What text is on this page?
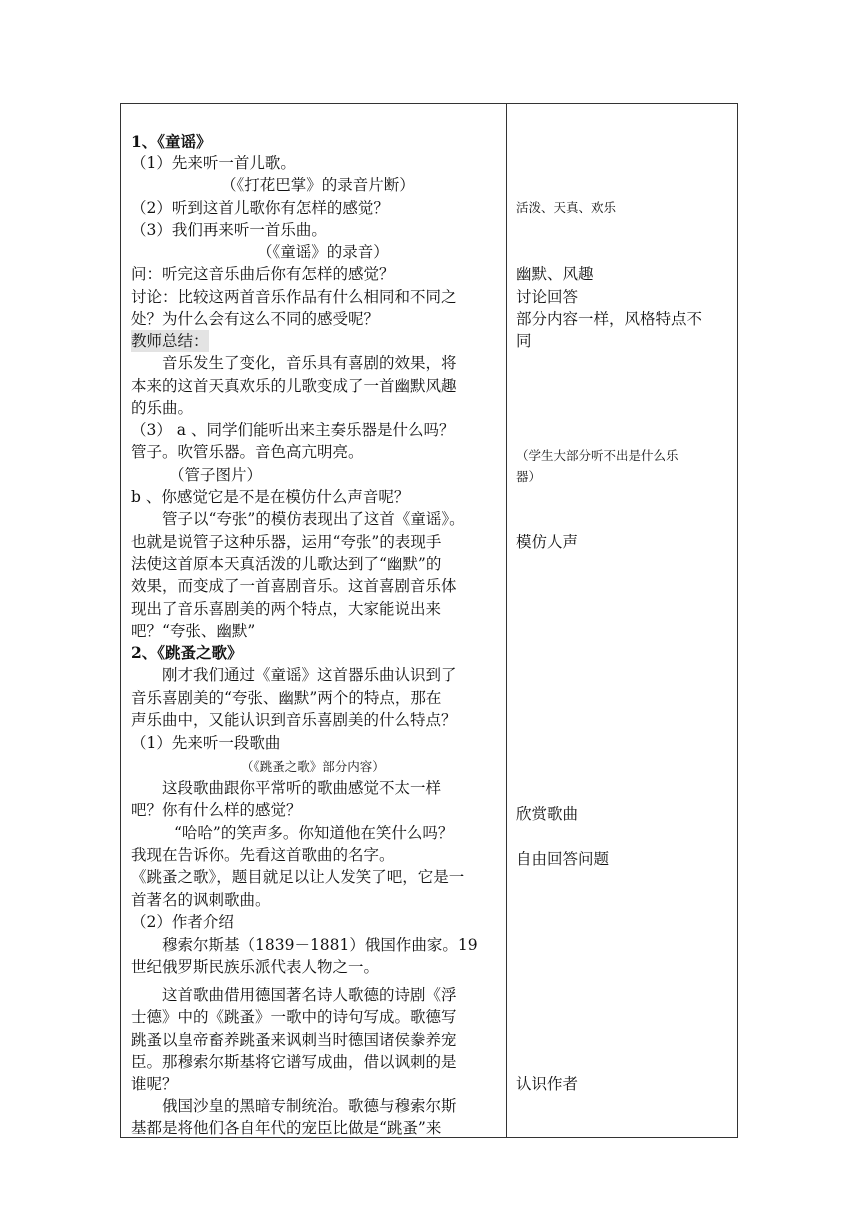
1、《童谣》
（1）先来听一首儿歌。
（《打花巴掌》的录音片断）
（2）听到这首儿歌你有怎样的感觉？
（3）我们再来听一首乐曲。
（《童谣》的录音）
问：听完这音乐曲后你有怎样的感觉？
讨论：比较这两首音乐作品有什么相同和不同之
处？为什么会有这么不同的感受呢？
教师总结：
音乐发生了变化，音乐具有喜剧的效果，将
本来的这首天真欢乐的儿歌变成了一首幽默风趣
的乐曲。
（3） a 、同学们能听出来主奏乐器是什么吗？
管子。吹管乐器。音色高亢明亮。
（管子图片）
b 、你感觉它是不是在模仿什么声音呢？
管子以“夸张”的模仿表现出了这首《童谣》。
也就是说管子这种乐器，运用“夸张”的表现手
法使这首原本天真活泼的儿歌达到了“幽默”的
效果，而变成了一首喜剧音乐。这首喜剧音乐体
现出了音乐喜剧美的两个特点，大家能说出来
吧？“夸张、幽默”
2、《跳蚤之歌》
刚才我们通过《童谣》这首器乐曲认识到了
音乐喜剧美的“夸张、幽默”两个的特点，那在
声乐曲中，又能认识到音乐喜剧美的什么特点？
（1）先来听一段歌曲
（《跳蚤之歌》部分内容）
这段歌曲跟你平常听的歌曲感觉不太一样
吧？你有什么样的感觉？
“哈哈”的笑声多。你知道他在笑什么吗？
我现在告诉你。先看这首歌曲的名字。
《跳蚤之歌》，题目就足以让人发笑了吧，它是一
首著名的讽刺歌曲。
（2）作者介绍
穆索尔斯基（1839－1881）俄国作曲家。19
世纪俄罗斯民族乐派代表人物之一。
这首歌曲借用德国著名诗人歌德的诗剧《浮
士德》中的《跳蚤》一歌中的诗句写成。歌德写
跳蚤以皇帝畜养跳蚤来讽刺当时德国诸侯豢养宠
臣。那穆索尔斯基将它谱写成曲，借以讽刺的是
谁呢？
俄国沙皇的黑暗专制统治。歌德与穆索尔斯
基都是将他们各自年代的宠臣比做是“跳蚤”来
活泼、天真、欢乐
幽默、风趣
讨论回答
部分内容一样，风格特点不
同
（学生大部分听不出是什么乐
器）
模仿人声
欣赏歌曲
自由回答问题
认识作者
